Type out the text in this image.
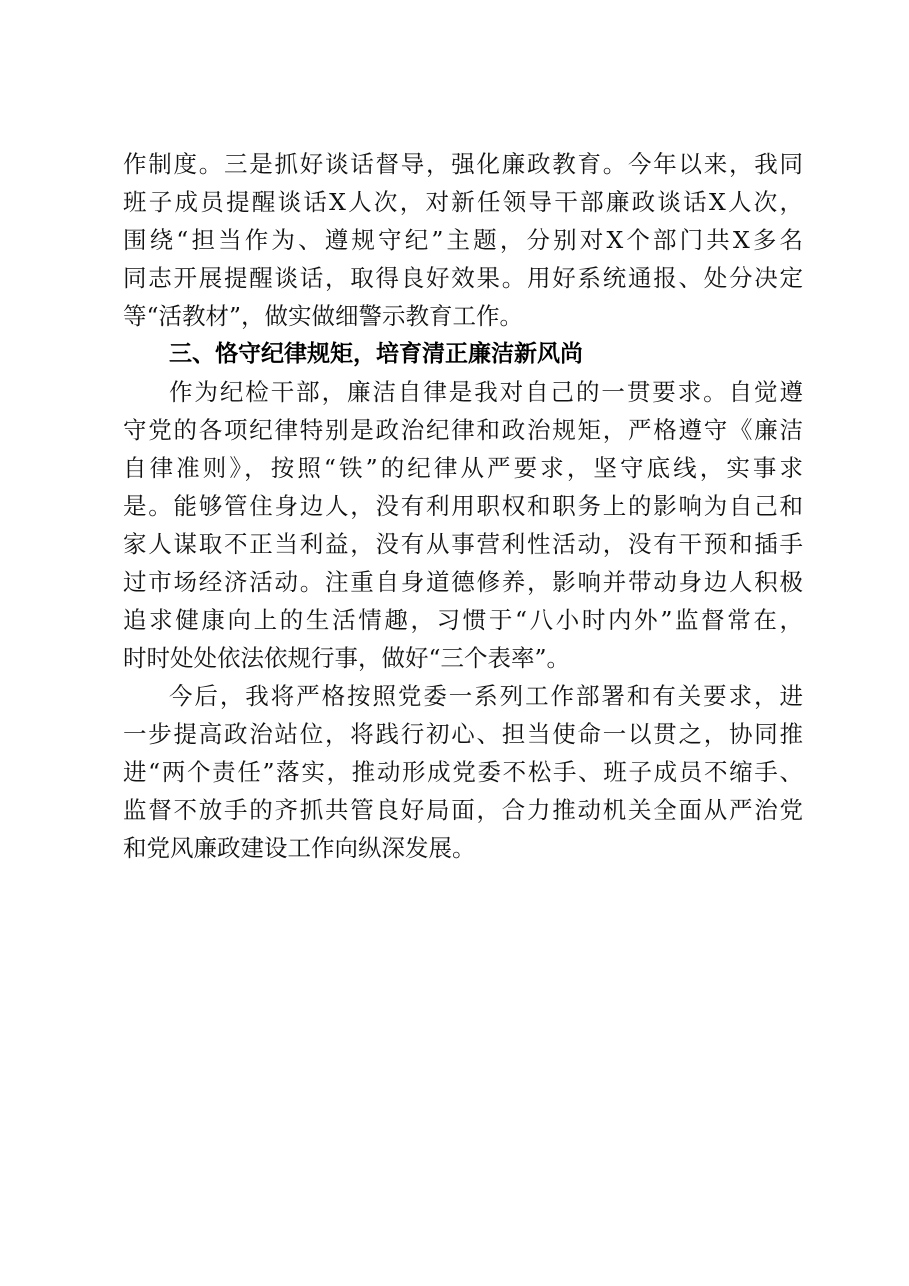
作制度。三是抓好谈话督导，强化廉政教育。今年以来，我同
班子成员提醒谈话X人次，对新任领导干部廉政谈话X人次，
围绕“担当作为、遵规守纪”主题，分别对X个部门共X多名
同志开展提醒谈话，取得良好效果。用好系统通报、处分决定
等“活教材”，做实做细警示教育工作。
三、恪守纪律规矩，培育清正廉洁新风尚
作为纪检干部，廉洁自律是我对自己的一贯要求。自觉遵
守党的各项纪律特别是政治纪律和政治规矩，严格遵守《廉洁
自律准则》，按照“铁”的纪律从严要求，坚守底线，实事求
是。能够管住身边人，没有利用职权和职务上的影响为自己和
家人谋取不正当利益，没有从事营利性活动，没有干预和插手
过市场经济活动。注重自身道德修养，影响并带动身边人积极
追求健康向上的生活情趣，习惯于“八小时内外”监督常在，
时时处处依法依规行事，做好“三个表率”。
今后，我将严格按照党委一系列工作部署和有关要求，进
一步提高政治站位，将践行初心、担当使命一以贯之，协同推
进“两个责任”落实，推动形成党委不松手、班子成员不缩手、
监督不放手的齐抓共管良好局面，合力推动机关全面从严治党
和党风廉政建设工作向纵深发展。
